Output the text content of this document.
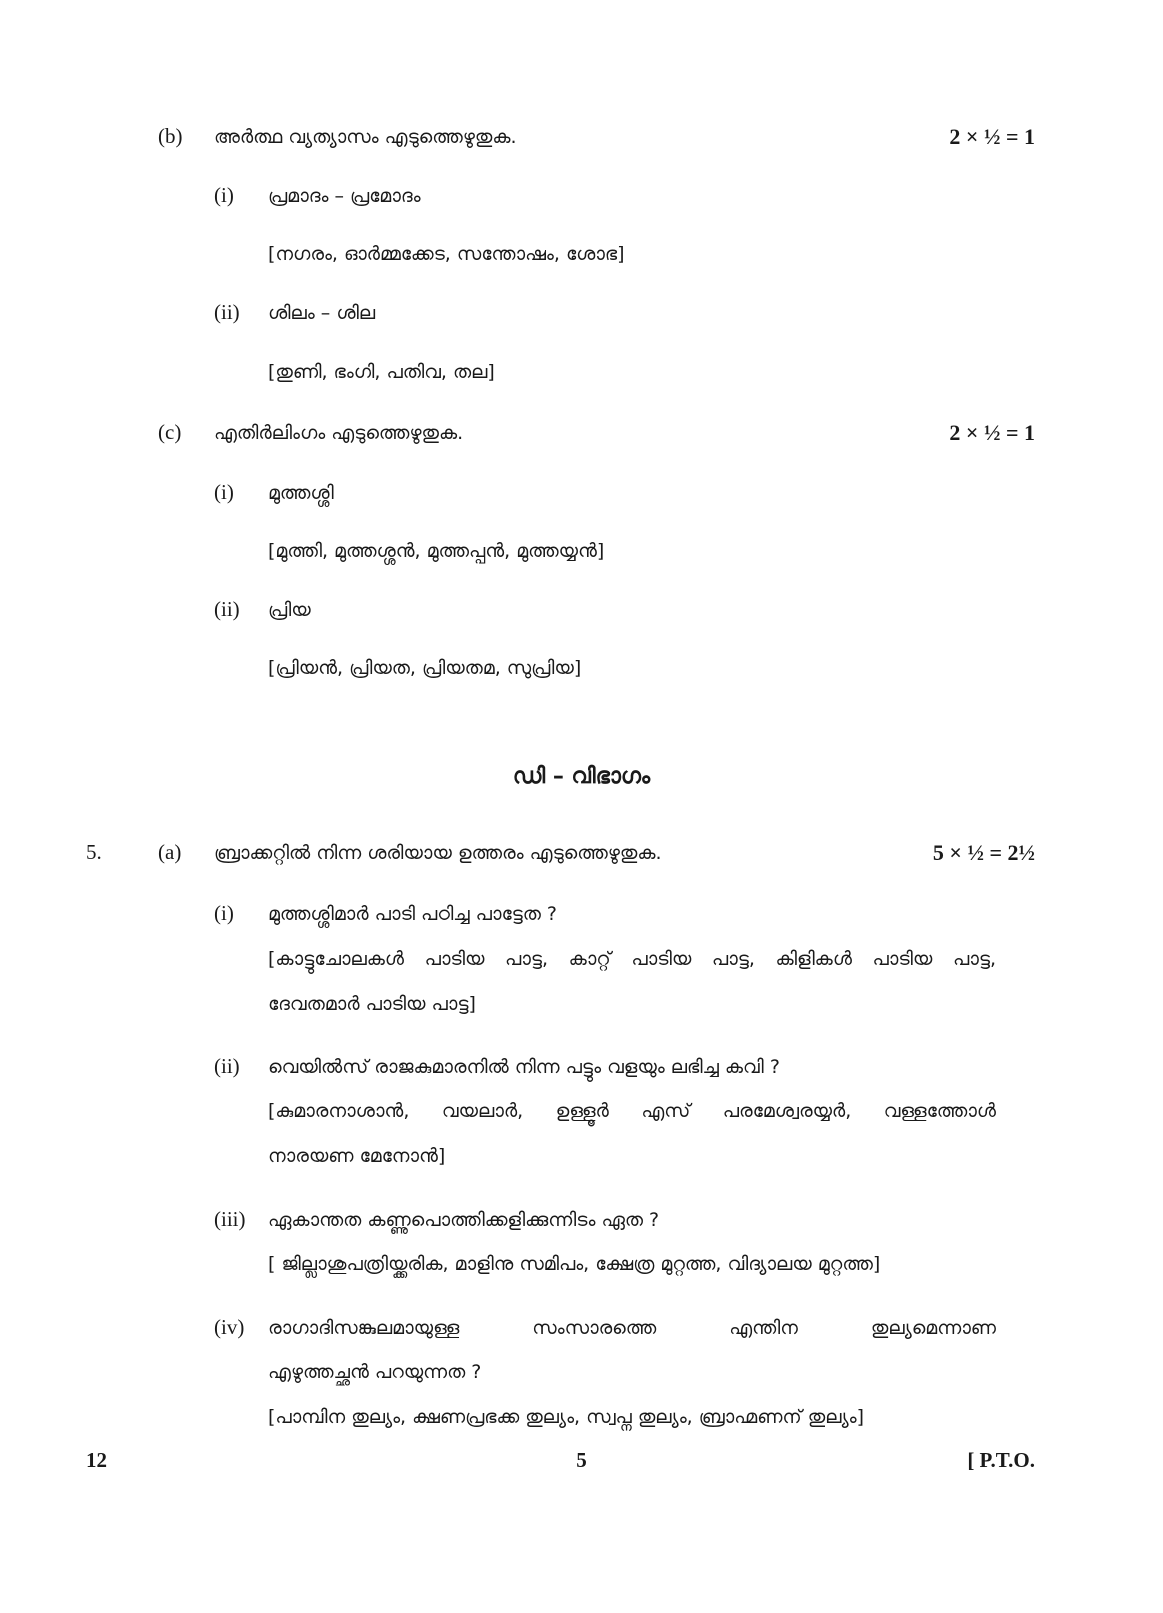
(b) അർത്ഥ വ്യത്യാസം എടുത്തെഴുതുക.	2 × ½ = 1
(i) പ്രമാദം – പ്രമോദം
[നഗരം, ഓർമ്മക്കേട, സന്തോഷം, ശോഭ]
(ii) ശിലം – ശില
[തുണി, ഭംഗി, പതിവ, തല]
(c) എതിർലിംഗം എടുത്തെഴുതുക.	2 × ½ = 1
(i) മുത്തശ്ശി
[മുത്തി, മുത്തശ്ശൻ, മുത്തപ്പൻ, മുത്തയ്യൻ]
(ii) പ്രിയ
[പ്രിയൻ, പ്രിയത, പ്രിയതമ, സുപ്രിയ]
ഡി – വിഭാഗം
5.	(a) ബ്രാക്കറ്റിൽ നിന്ന ശരിയായ ഉത്തരം എടുത്തെഴുതുക.	5 × ½ = 2½
(i) മുത്തശ്ശിമാർ പാടി പഠിച്ച പാട്ടേത ?
[കാട്ടുചോലകൾ പാടിയ പാട്ട, കാറ്റ് പാടിയ പാട്ട, കിളികൾ പാടിയ പാട്ട,
ദേവതമാർ പാടിയ പാട്ട]
(ii) വെയിൽസ് രാജകുമാരനിൽ നിന്ന പട്ടും വളയും ലഭിച്ച കവി ?
[കുമാരനാശാൻ, വയലാർ, ഉള്ളൂർ എസ് പരമേശ്വരയ്യർ, വള്ളത്തോൾ
നാരയണ മേനോൻ]
(iii) ഏകാന്തത കണ്ണുപൊത്തിക്കളിക്കുന്നിടം ഏത ?
[ ജില്ലാശുപത്രിയ്ക്കരിക, മാളിനു സമിപം, ക്ഷേത്ര മുറ്റത്ത, വിദ്യാലയ മുറ്റത്ത]
(iv) രാഗാദിസങ്കുലമായുള്ള സംസാരത്തെ എന്തിന തുല്യമെന്നാണ
എഴുത്തച്ഛൻ പറയുന്നത ?
[പാമ്പിന തുല്യം, ക്ഷണപ്രഭക്ക തുല്യം, സ്വപ്ന തുല്യം, ബ്രാഹ്മണന് തുല്യം]
12	5	[ P.T.O.
